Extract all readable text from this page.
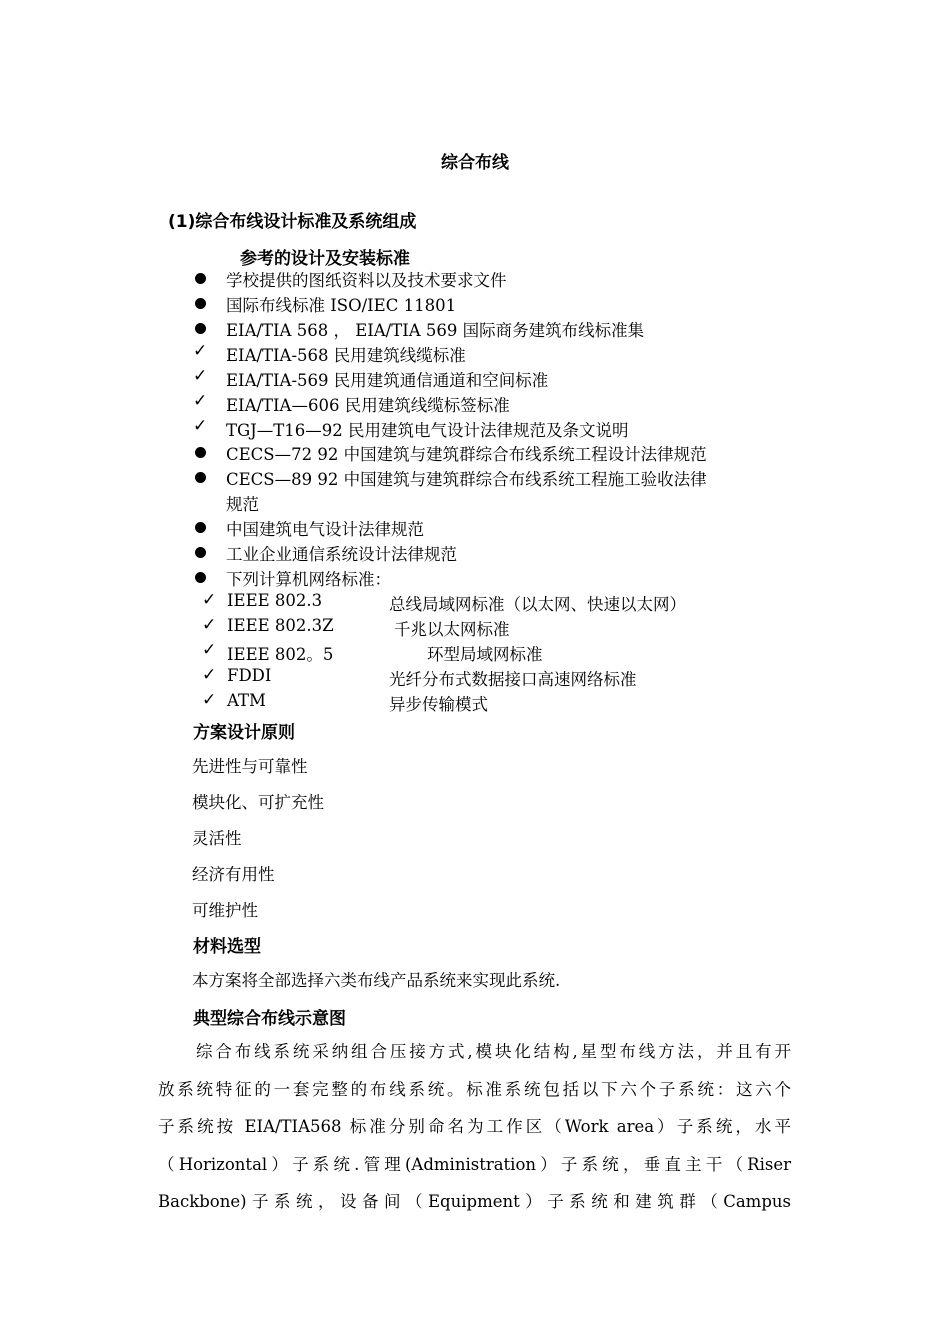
综合布线
(1)综合布线设计标准及系统组成
参考的设计及安装标准
学校提供的图纸资料以及技术要求文件
国际布线标准 ISO/IEC 11801
EIA/TIA 568 ， EIA/TIA 569 国际商务建筑布线标准集
✓ EIA/TIA-568 民用建筑线缆标准
✓ EIA/TIA-569 民用建筑通信通道和空间标准
✓ EIA/TIA—606 民用建筑线缆标签标准
✓ TGJ—T16—92 民用建筑电气设计法律规范及条文说明
CECS—72 92 中国建筑与建筑群综合布线系统工程设计法律规范
CECS—89 92 中国建筑与建筑群综合布线系统工程施工验收法律
规范
中国建筑电气设计法律规范
工业企业通信系统设计法律规范
下列计算机网络标准：
✓ IEEE 802.3	总线局域网标准（以太网、快速以太网）
✓ IEEE 802.3Z	千兆以太网标准
✓ IEEE 802。5	环型局域网标准
✓ FDDI	光纤分布式数据接口高速网络标准
✓ ATM	异步传输模式
方案设计原则
先进性与可靠性
模块化、可扩充性
灵活性
经济有用性
可维护性
材料选型
本方案将全部选择六类布线产品系统来实现此系统.
典型综合布线示意图
综合布线系统采纳组合压接方式,模块化结构,星型布线方法，并且有开
放系统特征的一套完整的布线系统。标准系统包括以下六个子系统：这六个
子系统按 EIA/TIA568 标准分别命名为工作区（Work area）子系统，水平
（Horizontal）子系统.管理(Administration）子系统，垂直主干（Riser
Backbone)子系统，设备间（Equipment）子系统和建筑群（Campus
